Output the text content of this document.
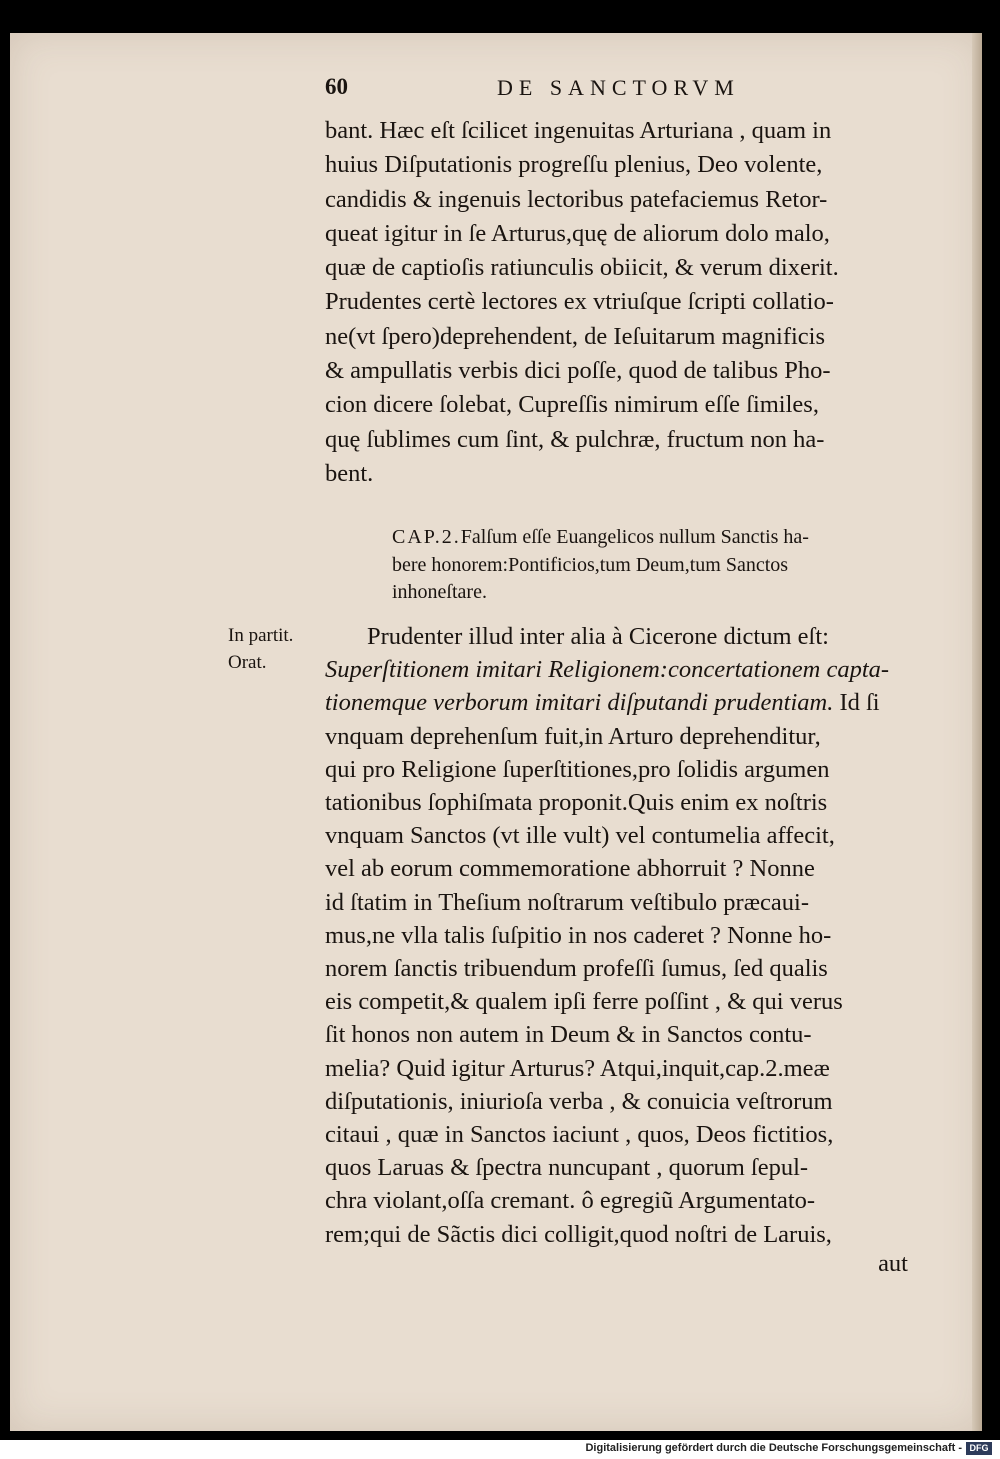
60	DE SANCTORVM
bant. Hæc eſt ſcilicet ingenuitas Arturiana , quam in
huius Diſputationis progreſſu plenius, Deo volente,
candidis & ingenuis lectoribus patefaciemus Retor-
queat igitur in ſe Arturus,quę de aliorum dolo malo,
quæ de captioſis ratiunculis obiicit, & verum dixerit.
Prudentes certè lectores ex vtriuſque ſcripti collatio-
ne(vt ſpero)deprehendent, de Ieſuitarum magnificis
& ampullatis verbis dici poſſe, quod de talibus Pho-
cion dicere ſolebat, Cupreſſis nimirum eſſe ſimiles,
quę ſublimes cum ſint, & pulchræ, fructum non ha-
bent.
CAP.2.Falſum eſſe Euangelicos nullum Sanctis ha-
bere honorem:Pontificios,tum Deum,tum Sanctos
inhoneſtare.
In partit.
Orat.
Prudenter illud inter alia à Cicerone dictum eſt:
Superſtitionem imitari Religionem:concertationem capta-
tionemque verborum imitari diſputandi prudentiam. Id ſi
vnquam deprehenſum fuit,in Arturo deprehenditur,
qui pro Religione ſuperſtitiones,pro ſolidis argumen
tationibus ſophiſmata proponit.Quis enim ex noſtris
vnquam Sanctos (vt ille vult) vel contumelia affecit,
vel ab eorum commemoratione abhorruit ? Nonne
id ſtatim in Theſium noſtrarum veſtibulo præcaui-
mus,ne vlla talis ſuſpitio in nos caderet ? Nonne ho-
norem ſanctis tribuendum profeſſi ſumus, ſed qualis
eis competit,& qualem ipſi ferre poſſint , & qui verus
ſit honos non autem in Deum & in Sanctos contu-
melia? Quid igitur Arturus? Atqui,inquit,cap.2.meæ
diſputationis, iniurioſa verba , & conuicia veſtrorum
citaui , quæ in Sanctos iaciunt , quos, Deos fictitios,
quos Laruas & ſpectra nuncupant , quorum ſepul-
chra violant,oſſa cremant. ô egregiũ Argumentato-
rem;qui de Sãctis dici colligit,quod noſtri de Laruis,
aut
Digitalisierung gefördert durch die Deutsche Forschungsgemeinschaft - DFG
